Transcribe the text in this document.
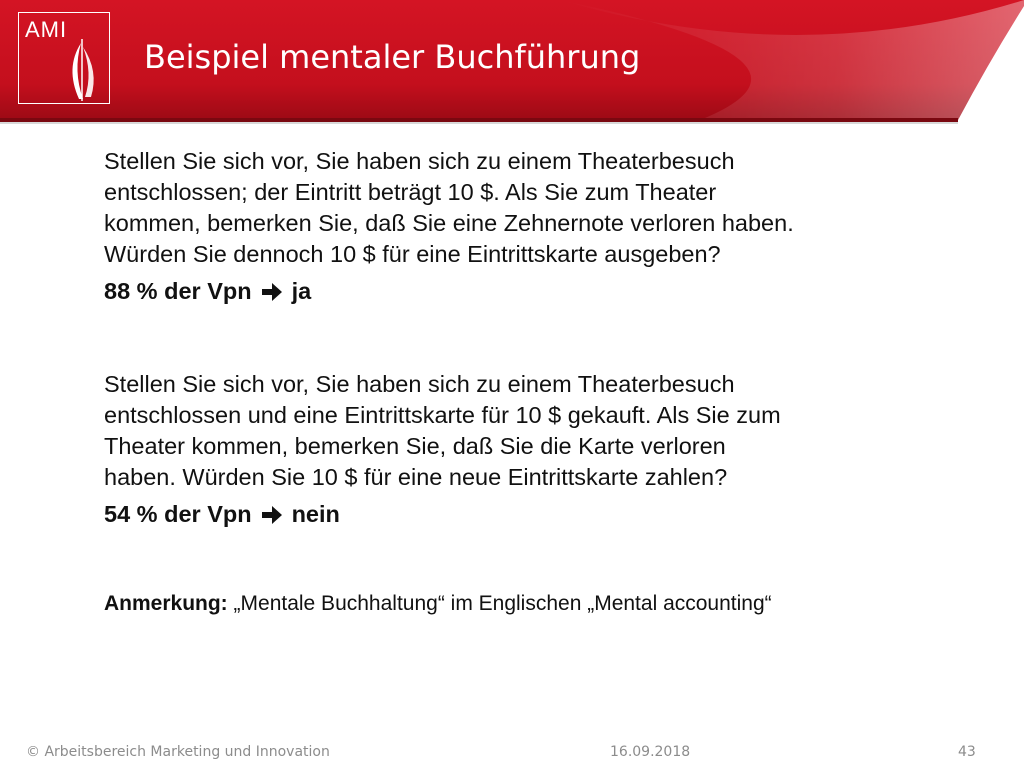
AMI
Beispiel mentaler Buchführung
Stellen Sie sich vor, Sie haben sich zu einem Theaterbesuch
entschlossen; der Eintritt beträgt 10 $. Als Sie zum Theater
kommen, bemerken Sie, daß Sie eine Zehnernote verloren haben.
Würden Sie dennoch 10 $ für eine Eintrittskarte ausgeben?
88 % der Vpn ja
Stellen Sie sich vor, Sie haben sich zu einem Theaterbesuch
entschlossen und eine Eintrittskarte für 10 $ gekauft. Als Sie zum
Theater kommen, bemerken Sie, daß Sie die Karte verloren
haben. Würden Sie 10 $ für eine neue Eintrittskarte zahlen?
54 % der Vpn nein
Anmerkung: „Mentale Buchhaltung“ im Englischen „Mental accounting“
© Arbeitsbereich Marketing und Innovation	16.09.2018	43
